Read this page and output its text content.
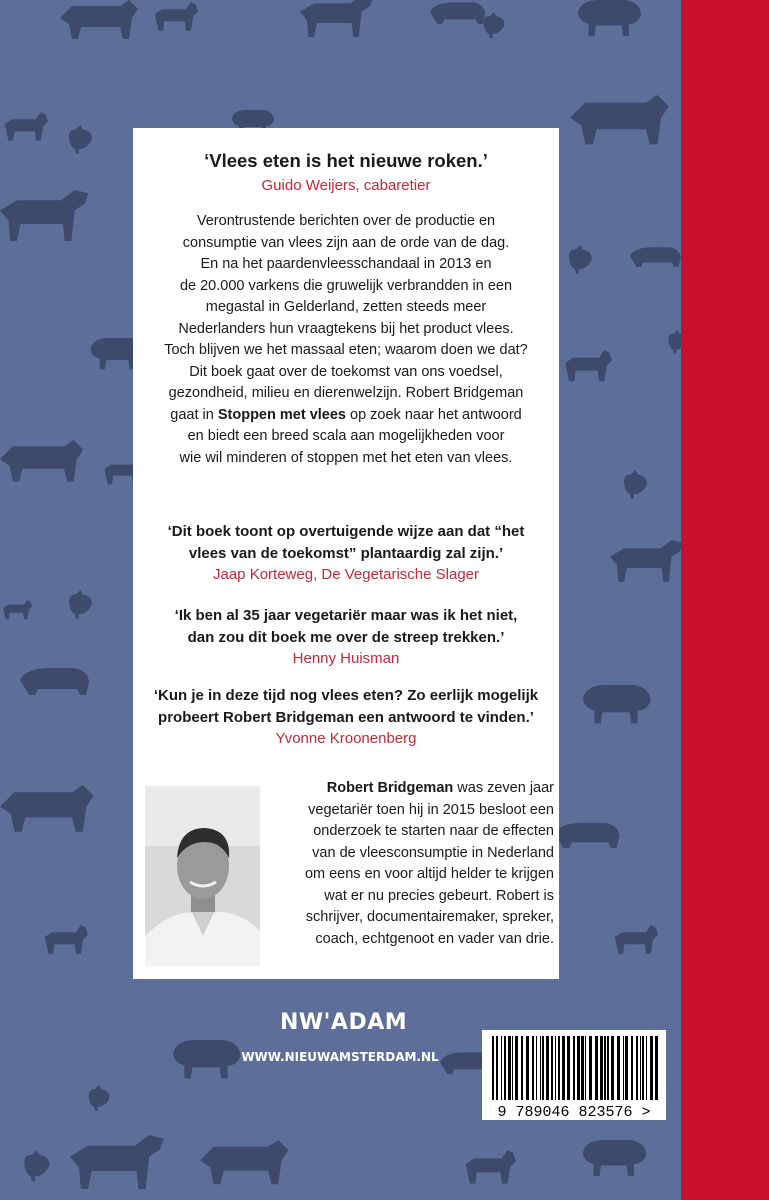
‘Vlees eten is het nieuwe roken.’
Guido Weijers, cabaretier
Verontrustende berichten over de productie en
consumptie van vlees zijn aan de orde van de dag.
En na het paardenvleesschandaal in 2013 en
de 20.000 varkens die gruwelijk verbrandden in een
megastal in Gelderland, zetten steeds meer
Nederlanders hun vraagtekens bij het product vlees.
Toch blijven we het massaal eten; waarom doen we dat?
Dit boek gaat over de toekomst van ons voedsel,
gezondheid, milieu en dierenwelzijn. Robert Bridgeman
gaat in Stoppen met vlees op zoek naar het antwoord
en biedt een breed scala aan mogelijkheden voor
wie wil minderen of stoppen met het eten van vlees.
‘Dit boek toont op overtuigende wijze aan dat “het
vlees van de toekomst” plantaardig zal zijn.’
Jaap Korteweg, De Vegetarische Slager
‘Ik ben al 35 jaar vegetariër maar was ik het niet,
dan zou dit boek me over de streep trekken.’
Henny Huisman
‘Kun je in deze tijd nog vlees eten? Zo eerlijk mogelijk
probeert Robert Bridgeman een antwoord te vinden.’
Yvonne Kroonenberg
Robert Bridgeman was zeven jaar
vegetariër toen hij in 2015 besloot een
onderzoek te starten naar de effecten
van de vleesconsumptie in Nederland
om eens en voor altijd helder te krijgen
wat er nu precies gebeurt. Robert is
schrijver, documentairemaker, spreker,
coach, echtgenoot en vader van drie.
NW'ADAM
WWW.NIEUWAMSTERDAM.NL
9 789046 823576 >
